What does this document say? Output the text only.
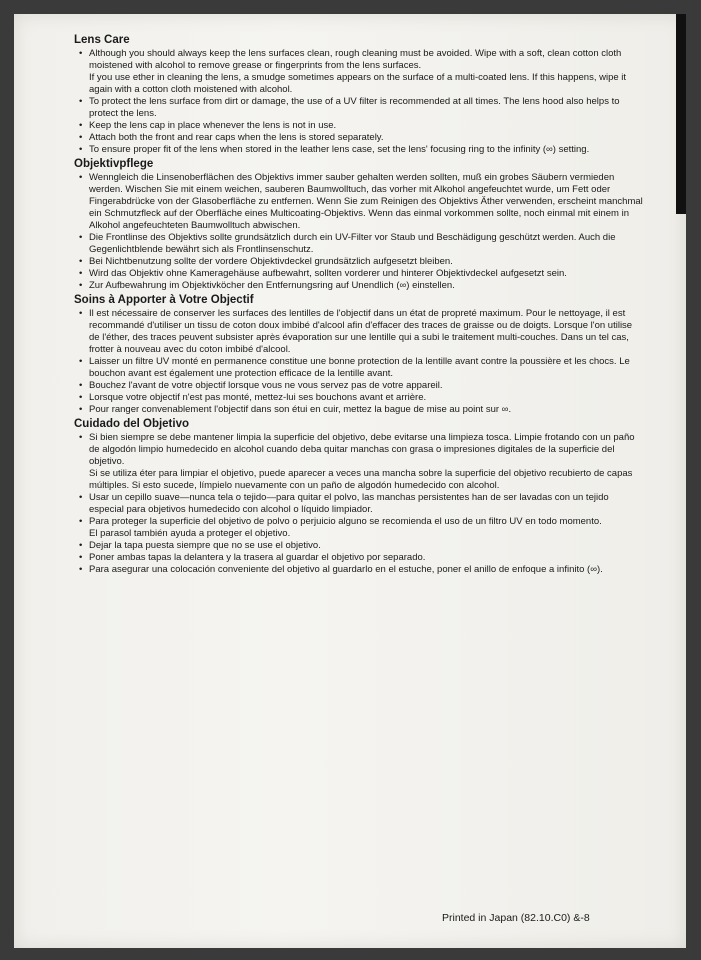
Lens Care
• Although you should always keep the lens surfaces clean, rough cleaning must be avoided. Wipe with a soft, clean cotton cloth moistened with alcohol to remove grease or fingerprints from the lens surfaces.
If you use ether in cleaning the lens, a smudge sometimes appears on the surface of a multi-coated lens. If this happens, wipe it again with a cotton cloth moistened with alcohol.
• To protect the lens surface from dirt or damage, the use of a UV filter is recommended at all times. The lens hood also helps to protect the lens.
• Keep the lens cap in place whenever the lens is not in use.
• Attach both the front and rear caps when the lens is stored separately.
• To ensure proper fit of the lens when stored in the leather lens case, set the lens' focusing ring to the infinity (∞) setting.
Objektivpflege
• Wenngleich die Linsenoberflächen des Objektivs immer sauber gehalten werden sollten, muß ein grobes Säubern vermieden werden. Wischen Sie mit einem weichen, sauberen Baumwolltuch, das vorher mit Alkohol angefeuchtet wurde, um Fett oder Fingerabdrücke von der Glasoberfläche zu entfernen. Wenn Sie zum Reinigen des Objektivs Äther verwenden, erscheint manchmal ein Schmutzfleck auf der Oberfläche eines Multicoating-Objektivs. Wenn das einmal vorkommen sollte, noch einmal mit einem in Alkohol angefeuchteten Baumwolltuch abwischen.
• Die Frontlinse des Objektivs sollte grundsätzlich durch ein UV-Filter vor Staub und Beschädigung geschützt werden. Auch die Gegenlichtblende bewährt sich als Frontlinsenschutz.
• Bei Nichtbenutzung sollte der vordere Objektivdeckel grundsätzlich aufgesetzt bleiben.
• Wird das Objektiv ohne Kameragehäuse aufbewahrt, sollten vorderer und hinterer Objektivdeckel aufgesetzt sein.
• Zur Aufbewahrung im Objektivköcher den Entfernungsring auf Unendlich (∞) einstellen.
Soins à Apporter à Votre Objectif
• Il est nécessaire de conserver les surfaces des lentilles de l'objectif dans un état de propreté maximum. Pour le nettoyage, il est recommandé d'utiliser un tissu de coton doux imbibé d'alcool afin d'effacer des traces de graisse ou de doigts. Lorsque l'on utilise de l'éther, des traces peuvent subsister après évaporation sur une lentille qui a subi le traitement multi-couches. Dans un tel cas, frotter à nouveau avec du coton imbibé d'alcool.
• Laisser un filtre UV monté en permanence constitue une bonne protection de la lentille avant contre la poussière et les chocs. Le bouchon avant est également une protection efficace de la lentille avant.
• Bouchez l'avant de votre objectif lorsque vous ne vous servez pas de votre appareil.
• Lorsque votre objectif n'est pas monté, mettez-lui ses bouchons avant et arrière.
• Pour ranger convenablement l'objectif dans son étui en cuir, mettez la bague de mise au point sur ∞.
Cuidado del Objetivo
• Si bien siempre se debe mantener limpia la superficie del objetivo, debe evitarse una limpieza tosca. Limpie frotando con un paño de algodón limpio humedecido en alcohol cuando deba quitar manchas con grasa o impresiones digitales de la superficie del objetivo.
Si se utiliza éter para limpiar el objetivo, puede aparecer a veces una mancha sobre la superficie del objetivo recubierto de capas múltiples. Si esto sucede, límpielo nuevamente con un paño de algodón humedecido con alcohol.
• Usar un cepillo suave—nunca tela o tejido—para quitar el polvo, las manchas persistentes han de ser lavadas con un tejido especial para objetivos humedecido con alcohol o líquido limpiador.
• Para proteger la superficie del objetivo de polvo o perjuicio alguno se recomienda el uso de un filtro UV en todo momento.
El parasol también ayuda a proteger el objetivo.
• Dejar la tapa puesta siempre que no se use el objetivo.
• Poner ambas tapas la delantera y la trasera al guardar el objetivo por separado.
• Para asegurar una colocación conveniente del objetivo al guardarlo en el estuche, poner el anillo de enfoque a infinito (∞).
Printed in Japan (82.10.C0) &-8
